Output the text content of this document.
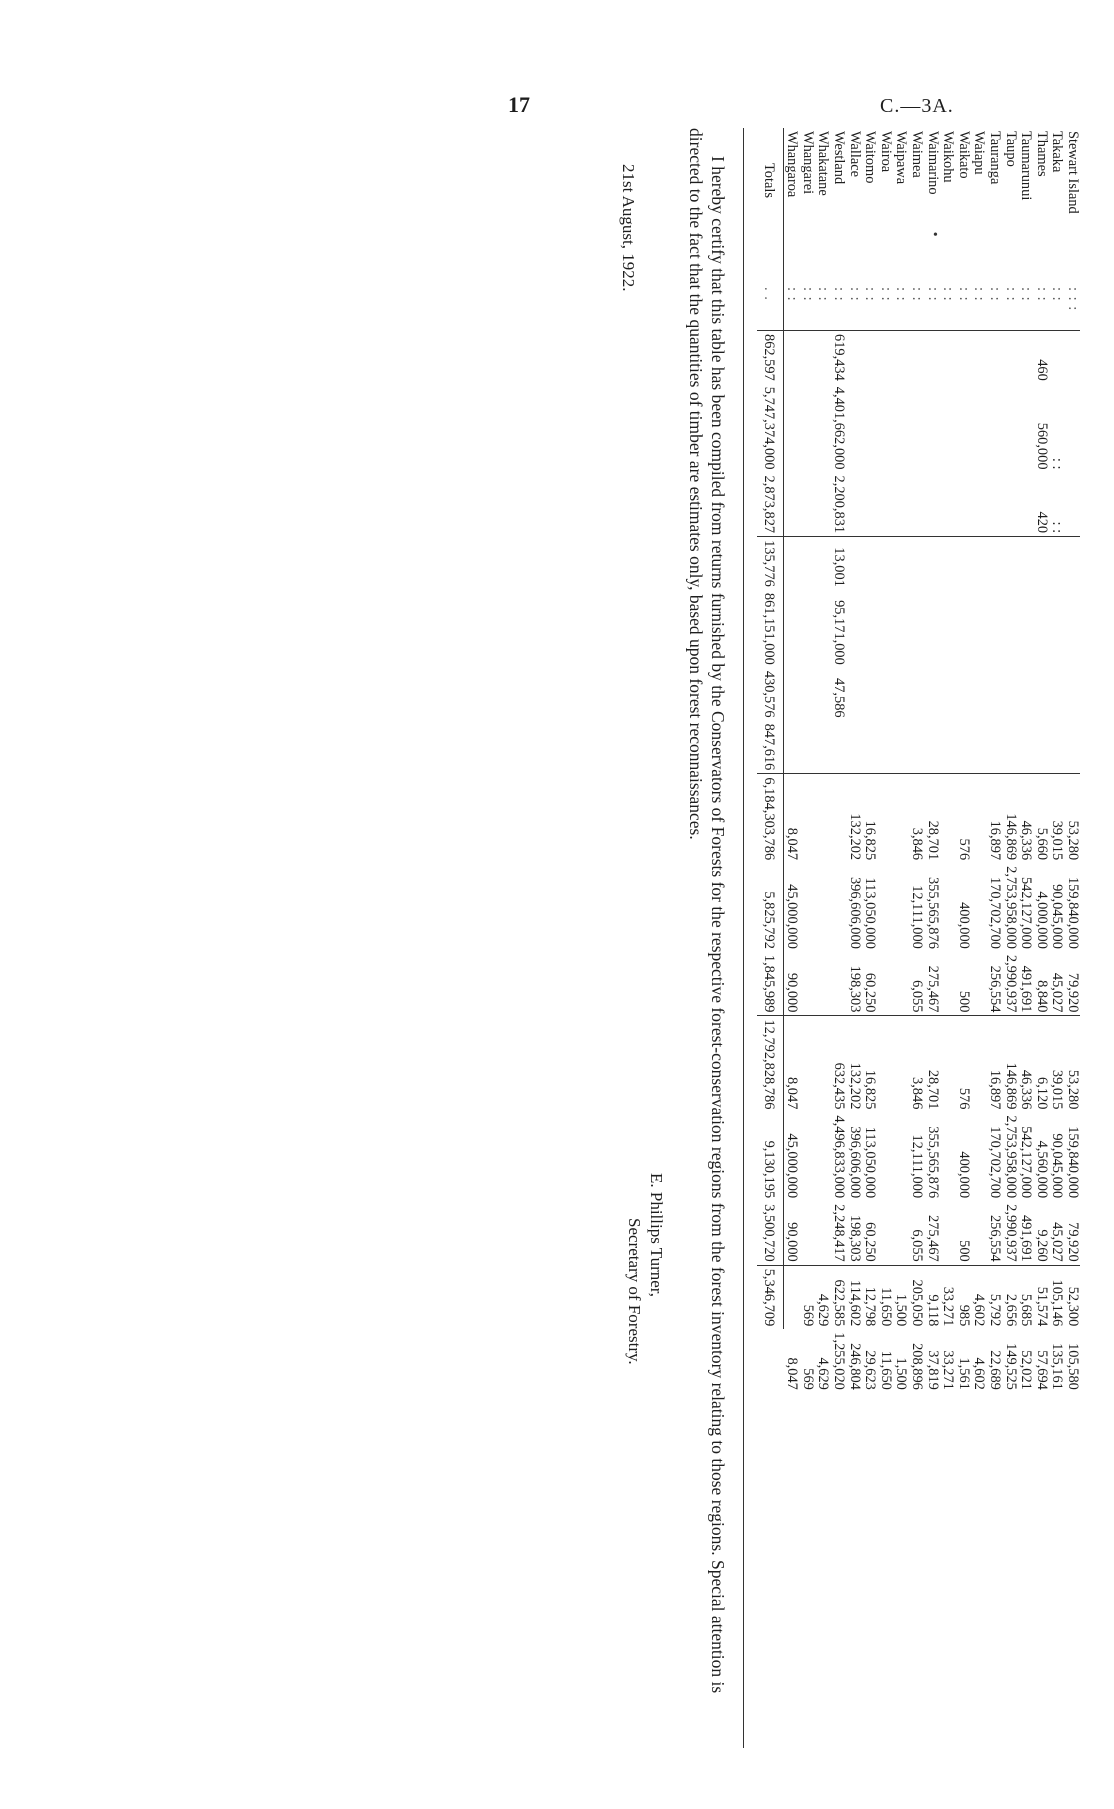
17	C.—3A.
Stewart Island	: : :								53,280	159,840,000	79,920	53,280	159,840,000	79,920	52,300	105,580
Takaka	: :		: :	: :					39,015	90,045,000	45,027	39,015	90,045,000	45,027	105,146	135,161
Thames	: :	460	560,000	420					5,660	4,000,000	8,840	6,120	4,560,000	9,260	51,574	57,694
Taumarunui	: :								46,336	542,127,000	491,691	46,336	542,127,000	491,691	5,685	52,021
Taupo	: :								146,869	2,753,958,000	2,990,937	146,869	2,753,958,000	2,990,937	2,656	149,525
Tauranga	: :								16,897	170,702,700	256,554	16,897	170,702,700	256,554	5,792	22,689
Waiapu	: :														4,602	4,602
Waikato	: :								576	400,000	500	576	400,000	500	985	1,561
Waikohu	: :														33,271	33,271
Waimarino	: :								28,701	355,565,876	275,467	28,701	355,565,876	275,467	9,118	37,819
Waimea	: :								3,846	12,111,000	6,055	3,846	12,111,000	6,055	205,050	208,896
Waipawa	: :														1,500	1,500
Wairoa	: :														11,650	11,650
Waitomo	: :								16,825	113,050,000	60,250	16,825	113,050,000	60,250	12,798	29,623
Wallace	: :								132,202	396,606,000	198,303	132,202	396,606,000	198,303	114,602	246,804
Westland	: :	619,434	4,401,662,000	2,200,831	13,001	95,171,000	47,586					632,435	4,496,833,000	2,248,417	622,585	1,255,020
Whakatane	: :														4,629	4,629
Whangarei	: :														569	569
Whangaroa	: :								8,047	45,000,000	90,000	8,047	45,000,000	90,000		8,047
Totals	. .	862,597	5,747,374,000	2,873,827	135,776	861,151,000	430,576	847,616	6,184,303,786	5,825,792	1,845,989	12,792,828,786	9,130,195	3,500,720	5,346,709	

I hereby certify that this table has been compiled from returns furnished by the Conservators of Forests for the respective forest-conservation regions from the forest inventory relating to those regions. Special attention is directed to the fact that the quantities of timber are estimates only, based upon forest reconnaissances.

21st August, 1922.
E. Phillips Turner,
Secretary of Forestry.
•
